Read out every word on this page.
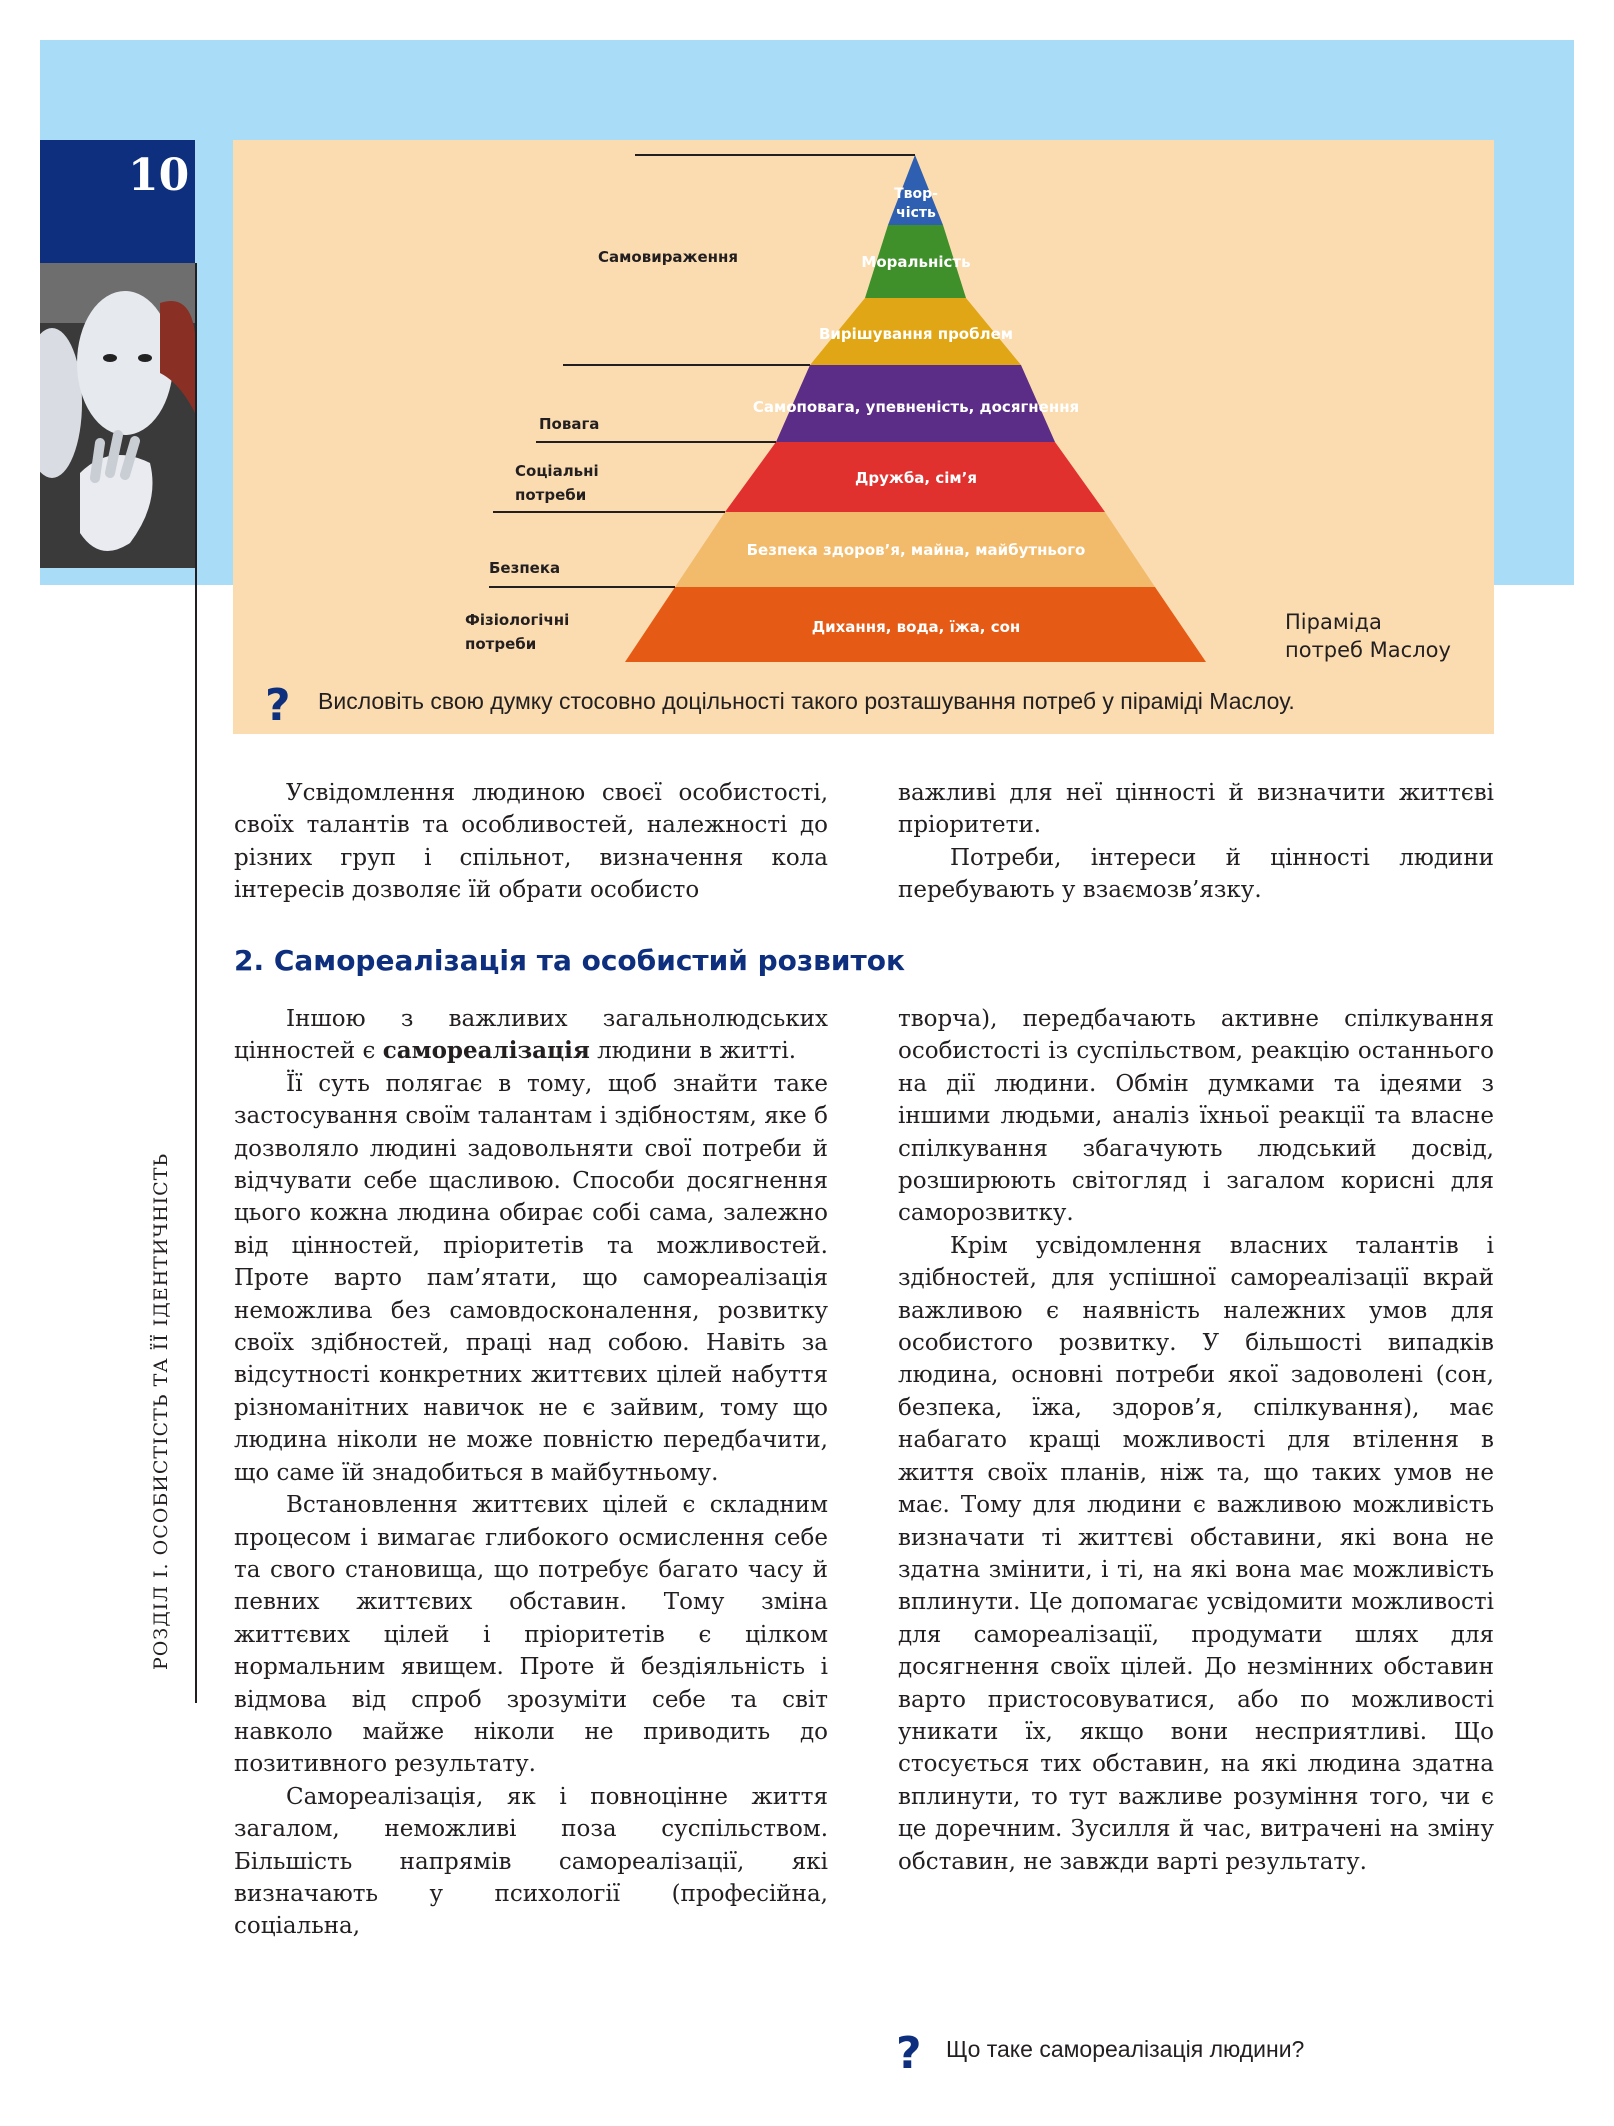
10
РОЗДІЛ І. ОСОБИСТІСТЬ ТА ЇЇ ІДЕНТИЧНІСТЬ
Твор-
чість
Моральність
Вирішування проблем
Самоповага, упевненість, досягнення
Дружба, сім’я
Безпека здоров’я, майна, майбутнього
Дихання, вода, їжа, сон
Самовираження
Повага
Соціальні
потреби
Безпека
Фізіологічні
потреби
Піраміда
потреб Маслоу
? Висловіть свою думку стосовно доцільності такого розташування потреб у піраміді Маслоу.

Усвідомлення людиною своєї особистості, своїх талантів та особливостей, належності до різних груп і спільнот, визначення кола інтересів дозволяє їй обрати особисто

важливі для неї цінності й визначити життєві пріоритети.

Потреби, інтереси й цінності людини перебувають у взаємозв’язку.

2. Самореалізація та особистий розвиток

Іншою з важливих загальнолюдських цінностей є самореалізація людини в житті.

Її суть полягає в тому, щоб знайти таке застосування своїм талантам і здібностям, яке б дозволяло людині задовольняти свої потреби й відчувати себе щасливою. Способи досягнення цього кожна людина обирає собі сама, залежно від цінностей, пріоритетів та можливостей. Проте варто пам’ятати, що самореалізація неможлива без самовдосконалення, розвитку своїх здібностей, праці над собою. Навіть за відсутності конкретних життєвих цілей набуття різноманітних навичок не є зайвим, тому що людина ніколи не може повністю передбачити, що саме їй знадобиться в майбутньому.

Встановлення життєвих цілей є складним процесом і вимагає глибокого осмислення себе та свого становища, що потребує багато часу й певних життєвих обставин. Тому зміна життєвих цілей і пріоритетів є цілком нормальним явищем. Проте й бездіяльність і відмова від спроб зрозуміти себе та світ навколо майже ніколи не приводить до позитивного результату.

Самореалізація, як і повноцінне життя загалом, неможливі поза суспільством. Більшість напрямів самореалізації, які визначають у психології (професійна, соціальна,

творча), передбачають активне спілкування особистості із суспільством, реакцію останнього на дії людини. Обмін думками та ідеями з іншими людьми, аналіз їхньої реакції та власне спілкування збагачують людський досвід, розширюють світогляд і загалом корисні для саморозвитку.

Крім усвідомлення власних талантів і здібностей, для успішної самореалізації вкрай важливою є наявність належних умов для особистого розвитку. У більшості випадків людина, основні потреби якої задоволені (сон, безпека, їжа, здоров’я, спілкування), має набагато кращі можливості для втілення в життя своїх планів, ніж та, що таких умов не має. Тому для людини є важливою можливість визначати ті життєві обставини, які вона не здатна змінити, і ті, на які вона має можливість вплинути. Це допомагає усвідомити можливості для самореалізації, продумати шлях для досягнення своїх цілей. До незмінних обставин варто пристосовуватися, або по можливості уникати їх, якщо вони несприятливі. Що стосується тих обставин, на які людина здатна вплинути, то тут важливе розуміння того, чи є це доречним. Зусилля й час, витрачені на зміну обставин, не завжди варті результату.

? Що таке самореалізація людини?
